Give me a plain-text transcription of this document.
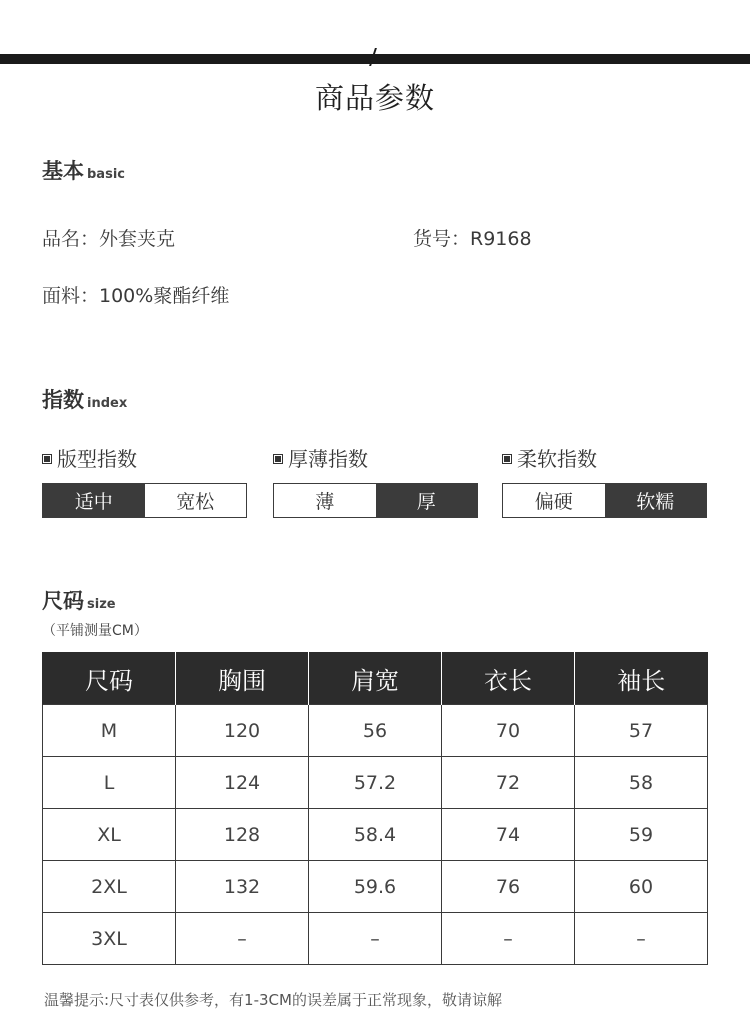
商品参数
基本 basic
品名：外套夹克	货号：R9168
面料：100%聚酯纤维
指数 index
版型指数	厚薄指数	柔软指数
适中	宽松	薄	厚	偏硬	软糯
尺码 size
（平铺测量CM）
尺码	胸围	肩宽	衣长	袖长
M	120	56	70	57
L	124	57.2	72	58
XL	128	58.4	74	59
2XL	132	59.6	76	60
3XL	–	–	–	–
温馨提示:尺寸表仅供参考，有1-3CM的误差属于正常现象，敬请谅解
